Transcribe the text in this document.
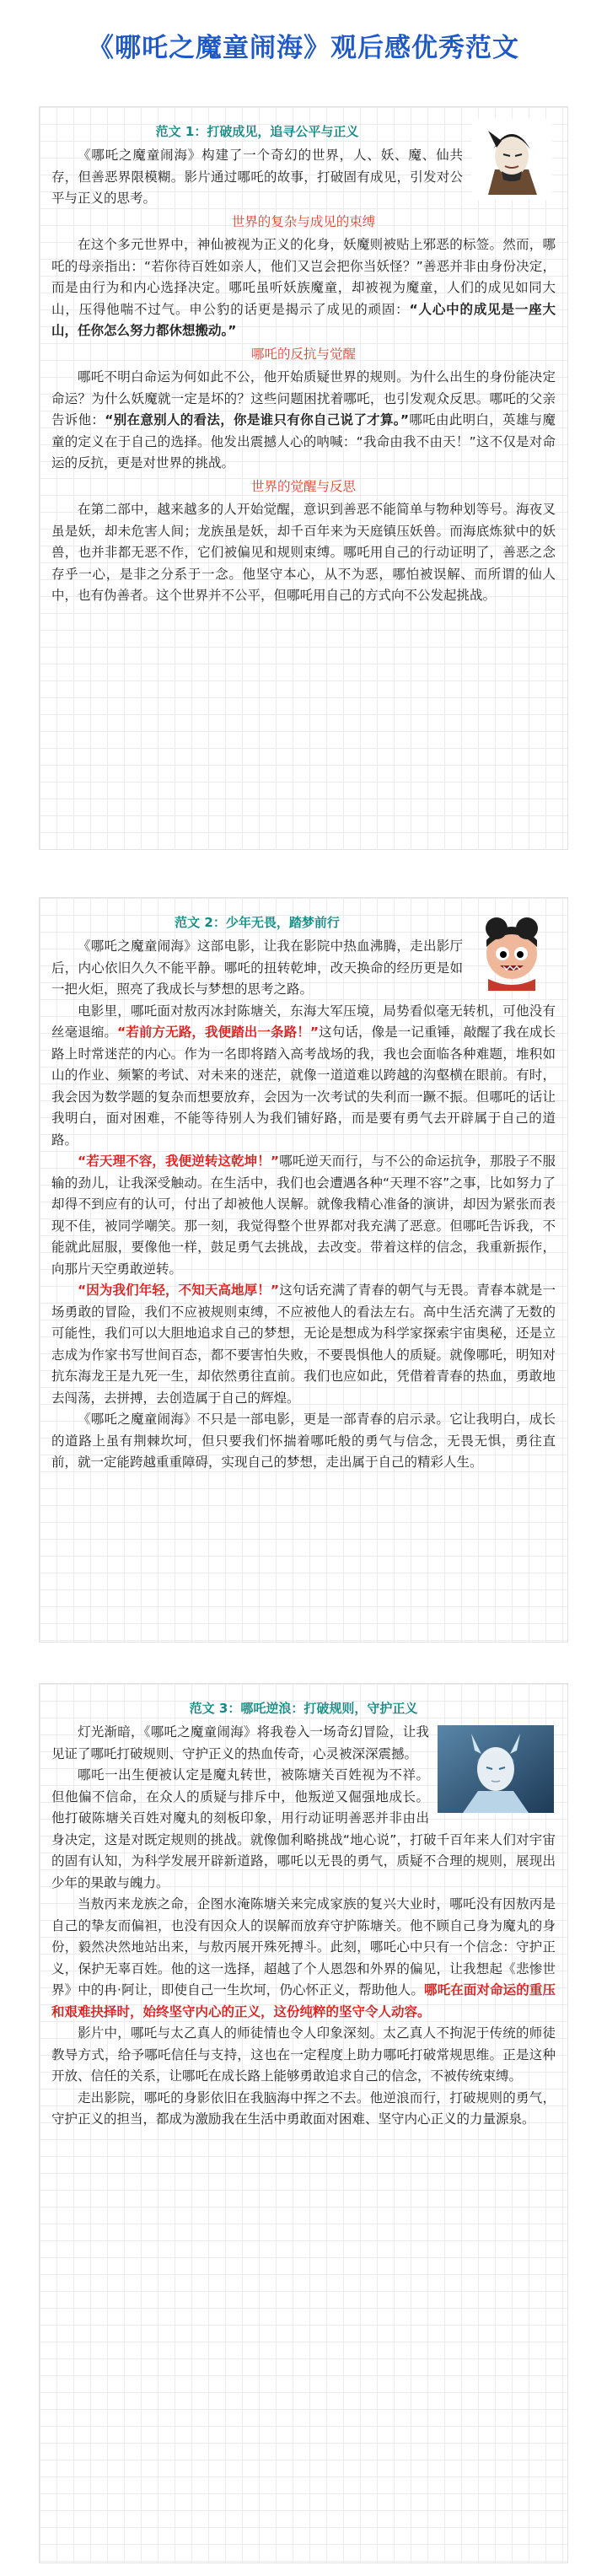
《哪吒之魔童闹海》观后感优秀范文
范文 1：打破成见，追寻公平与正义

《哪吒之魔童闹海》构建了一个奇幻的世界，人、妖、魔、仙共存，但善恶界限模糊。影片通过哪吒的故事，打破固有成见，引发对公平与正义的思考。

世界的复杂与成见的束缚

在这个多元世界中，神仙被视为正义的化身，妖魔则被贴上邪恶的标签。然而，哪吒的母亲指出：“若你待百姓如亲人，他们又岂会把你当妖怪？”善恶并非由身份决定，而是由行为和内心选择决定。哪吒虽听妖族魔童，却被视为魔童，人们的成见如同大山，压得他喘不过气。申公豹的话更是揭示了成见的顽固：“人心中的成见是一座大山，任你怎么努力都休想搬动。”

哪吒的反抗与觉醒

哪吒不明白命运为何如此不公，他开始质疑世界的规则。为什么出生的身份能决定命运？为什么妖魔就一定是坏的？这些问题困扰着哪吒，也引发观众反思。哪吒的父亲告诉他：“别在意别人的看法，你是谁只有你自己说了才算。”哪吒由此明白，英雄与魔童的定义在于自己的选择。他发出震撼人心的呐喊：“我命由我不由天！”这不仅是对命运的反抗，更是对世界的挑战。

世界的觉醒与反思

在第二部中，越来越多的人开始觉醒，意识到善恶不能简单与物种划等号。海夜叉虽是妖，却未危害人间；龙族虽是妖，却千百年来为天庭镇压妖兽。而海底炼狱中的妖兽，也并非都无恶不作，它们被偏见和规则束缚。哪吒用自己的行动证明了，善恶之念存乎一心，是非之分系于一念。他坚守本心，从不为恶，哪怕被误解、而所谓的仙人中，也有伪善者。这个世界并不公平，但哪吒用自己的方式向不公发起挑战。

范文 2：少年无畏，踏梦前行

《哪吒之魔童闹海》这部电影，让我在影院中热血沸腾，走出影厅后，内心依旧久久不能平静。哪吒的扭转乾坤，改天换命的经历更是如一把火炬，照亮了我成长与梦想的思考之路。

电影里，哪吒面对敖丙冰封陈塘关，东海大军压境，局势看似毫无转机，可他没有丝毫退缩。“若前方无路，我便踏出一条路！”这句话，像是一记重锤，敲醒了我在成长路上时常迷茫的内心。作为一名即将踏入高考战场的我，我也会面临各种难题，堆积如山的作业、频繁的考试、对未来的迷茫，就像一道道难以跨越的沟壑横在眼前。有时，我会因为数学题的复杂而想要放弃，会因为一次考试的失利而一蹶不振。但哪吒的话让我明白，面对困难，不能等待别人为我们铺好路，而是要有勇气去开辟属于自己的道路。

“若天理不容，我便逆转这乾坤！”哪吒逆天而行，与不公的命运抗争，那股子不服输的劲儿，让我深受触动。在生活中，我们也会遭遇各种“天理不容”之事，比如努力了却得不到应有的认可，付出了却被他人误解。就像我精心准备的演讲，却因为紧张而表现不佳，被同学嘲笑。那一刻，我觉得整个世界都对我充满了恶意。但哪吒告诉我，不能就此屈服，要像他一样，鼓足勇气去挑战，去改变。带着这样的信念，我重新振作，向那片天空勇敢逆转。

“因为我们年轻，不知天高地厚！”这句话充满了青春的朝气与无畏。青春本就是一场勇敢的冒险，我们不应被规则束缚，不应被他人的看法左右。高中生活充满了无数的可能性，我们可以大胆地追求自己的梦想，无论是想成为科学家探索宇宙奥秘，还是立志成为作家书写世间百态，都不要害怕失败，不要畏惧他人的质疑。就像哪吒，明知对抗东海龙王是九死一生，却依然勇往直前。我们也应如此，凭借着青春的热血，勇敢地去闯荡，去拼搏，去创造属于自己的辉煌。

《哪吒之魔童闹海》不只是一部电影，更是一部青春的启示录。它让我明白，成长的道路上虽有荆棘坎坷，但只要我们怀揣着哪吒般的勇气与信念，无畏无惧，勇往直前，就一定能跨越重重障碍，实现自己的梦想，走出属于自己的精彩人生。

范文 3：哪吒逆浪：打破规则，守护正义

灯光渐暗，《哪吒之魔童闹海》将我卷入一场奇幻冒险，让我见证了哪吒打破规则、守护正义的热血传奇，心灵被深深震撼。

哪吒一出生便被认定是魔丸转世，被陈塘关百姓视为不祥。但他偏不信命，在众人的质疑与排斥中，他叛逆又倔强地成长。他打破陈塘关百姓对魔丸的刻板印象，用行动证明善恶并非由出身决定，这是对既定规则的挑战。就像伽利略挑战“地心说”，打破千百年来人们对宇宙的固有认知，为科学发展开辟新道路，哪吒以无畏的勇气，质疑不合理的规则，展现出少年的果敢与魄力。

当敖丙来龙族之命，企图水淹陈塘关来完成家族的复兴大业时，哪吒没有因敖丙是自己的挚友而偏袒，也没有因众人的误解而放弃守护陈塘关。他不顾自己身为魔丸的身份，毅然决然地站出来，与敖丙展开殊死搏斗。此刻，哪吒心中只有一个信念：守护正义，保护无辜百姓。他的这一选择，超越了个人恩怨和外界的偏见，让我想起《悲惨世界》中的冉·阿让，即使自己一生坎坷，仍心怀正义，帮助他人。哪吒在面对命运的重压和艰难抉择时，始终坚守内心的正义，这份纯粹的坚守令人动容。

影片中，哪吒与太乙真人的师徒情也令人印象深刻。太乙真人不拘泥于传统的师徒教导方式，给予哪吒信任与支持，这也在一定程度上助力哪吒打破常规思维。正是这种开放、信任的关系，让哪吒在成长路上能够勇敢追求自己的信念，不被传统束缚。

走出影院，哪吒的身影依旧在我脑海中挥之不去。他逆浪而行，打破规则的勇气，守护正义的担当，都成为激励我在生活中勇敢面对困难、坚守内心正义的力量源泉。
